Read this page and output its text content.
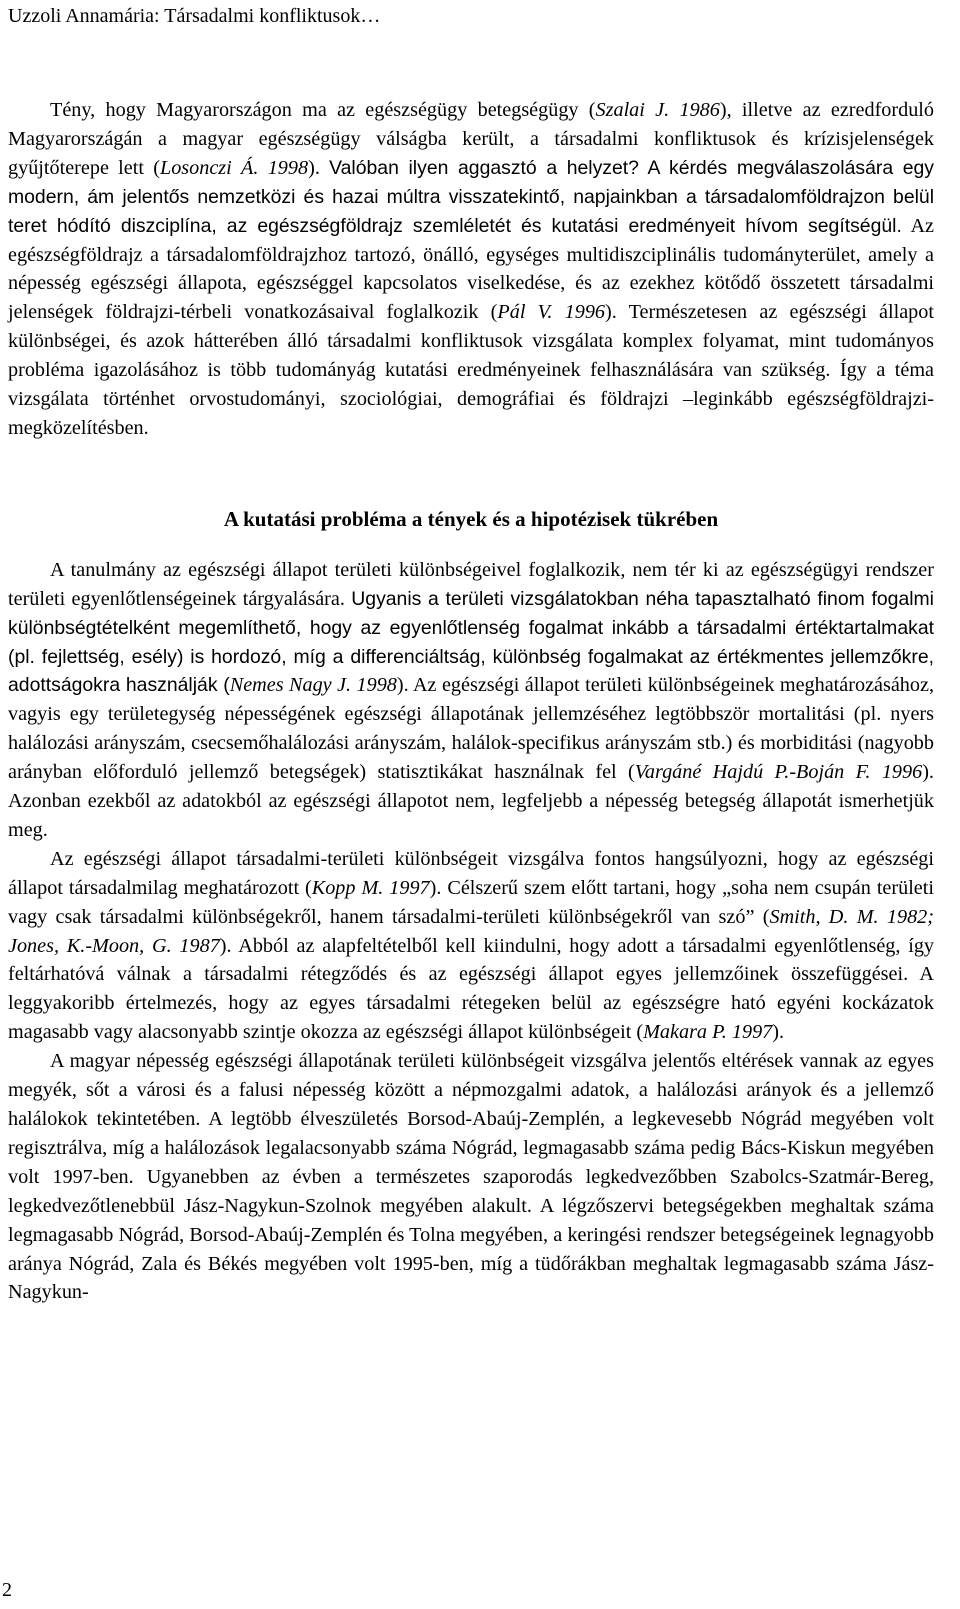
Uzzoli Annamária: Társadalmi konfliktusok…

Tény, hogy Magyarországon ma az egészségügy betegségügy (Szalai J. 1986), illetve az ezredforduló Magyarországán a magyar egészségügy válságba került, a társadalmi konfliktusok és krízisjelenségek gyűjtőterepe lett (Losonczi Á. 1998). Valóban ilyen aggasztó a helyzet? A kérdés megválaszolására egy modern, ám jelentős nemzetközi és hazai múltra visszatekintő, napjainkban a társadalomföldrajzon belül teret hódító diszciplína, az egészségföldrajz szemléletét és kutatási eredményeit hívom segítségül. Az egészségföldrajz a társadalomföldrajzhoz tartozó, önálló, egységes multidiszciplinális tudományterület, amely a népesség egészségi állapota, egészséggel kapcsolatos viselkedése, és az ezekhez kötődő összetett társadalmi jelenségek földrajzi-térbeli vonatkozásaival foglalkozik (Pál V. 1996). Természetesen az egészségi állapot különbségei, és azok hátterében álló társadalmi konfliktusok vizsgálata komplex folyamat, mint tudományos probléma igazolásához is több tudományág kutatási eredményeinek felhasználására van szükség. Így a téma vizsgálata történhet orvostudományi, szociológiai, demográfiai és földrajzi –leginkább egészségföldrajzi- megközelítésben.

A kutatási probléma a tények és a hipotézisek tükrében

A tanulmány az egészségi állapot területi különbségeivel foglalkozik, nem tér ki az egészségügyi rendszer területi egyenlőtlenségeinek tárgyalására. Ugyanis a területi vizsgálatokban néha tapasztalható finom fogalmi különbségtételként megemlíthető, hogy az egyenlőtlenség fogalmat inkább a társadalmi értéktartalmakat (pl. fejlettség, esély) is hordozó, míg a differenciáltság, különbség fogalmakat az értékmentes jellemzőkre, adottságokra használják (Nemes Nagy J. 1998). Az egészségi állapot területi különbségeinek meghatározásához, vagyis egy területegység népességének egészségi állapotának jellemzéséhez legtöbbször mortalitási (pl. nyers halálozási arányszám, csecsemőhalálozási arányszám, halálok-specifikus arányszám stb.) és morbiditási (nagyobb arányban előforduló jellemző betegségek) statisztikákat használnak fel (Vargáné Hajdú P.-Boján F. 1996). Azonban ezekből az adatokból az egészségi állapotot nem, legfeljebb a népesség betegség állapotát ismerhetjük meg.

Az egészségi állapot társadalmi-területi különbségeit vizsgálva fontos hangsúlyozni, hogy az egészségi állapot társadalmilag meghatározott (Kopp M. 1997). Célszerű szem előtt tartani, hogy „soha nem csupán területi vagy csak társadalmi különbségekről, hanem társadalmi-területi különbségekről van szó” (Smith, D. M. 1982; Jones, K.-Moon, G. 1987). Abból az alapfeltételből kell kiindulni, hogy adott a társadalmi egyenlőtlenség, így feltárhatóvá válnak a társadalmi rétegződés és az egészségi állapot egyes jellemzőinek összefüggései. A leggyakoribb értelmezés, hogy az egyes társadalmi rétegeken belül az egészségre ható egyéni kockázatok magasabb vagy alacsonyabb szintje okozza az egészségi állapot különbségeit (Makara P. 1997).

A magyar népesség egészségi állapotának területi különbségeit vizsgálva jelentős eltérések vannak az egyes megyék, sőt a városi és a falusi népesség között a népmozgalmi adatok, a halálozási arányok és a jellemző halálokok tekintetében. A legtöbb élveszületés Borsod-Abaúj-Zemplén, a legkevesebb Nógrád megyében volt regisztrálva, míg a halálozások legalacsonyabb száma Nógrád, legmagasabb száma pedig Bács-Kiskun megyében volt 1997-ben. Ugyanebben az évben a természetes szaporodás legkedvezőbben Szabolcs-Szatmár-Bereg, legkedvezőtlenebbül Jász-Nagykun-Szolnok megyében alakult. A légzőszervi betegségekben meghaltak száma legmagasabb Nógrád, Borsod-Abaúj-Zemplén és Tolna megyében, a keringési rendszer betegségeinek legnagyobb aránya Nógrád, Zala és Békés megyében volt 1995-ben, míg a tüdőrákban meghaltak legmagasabb száma Jász-Nagykun-

2
